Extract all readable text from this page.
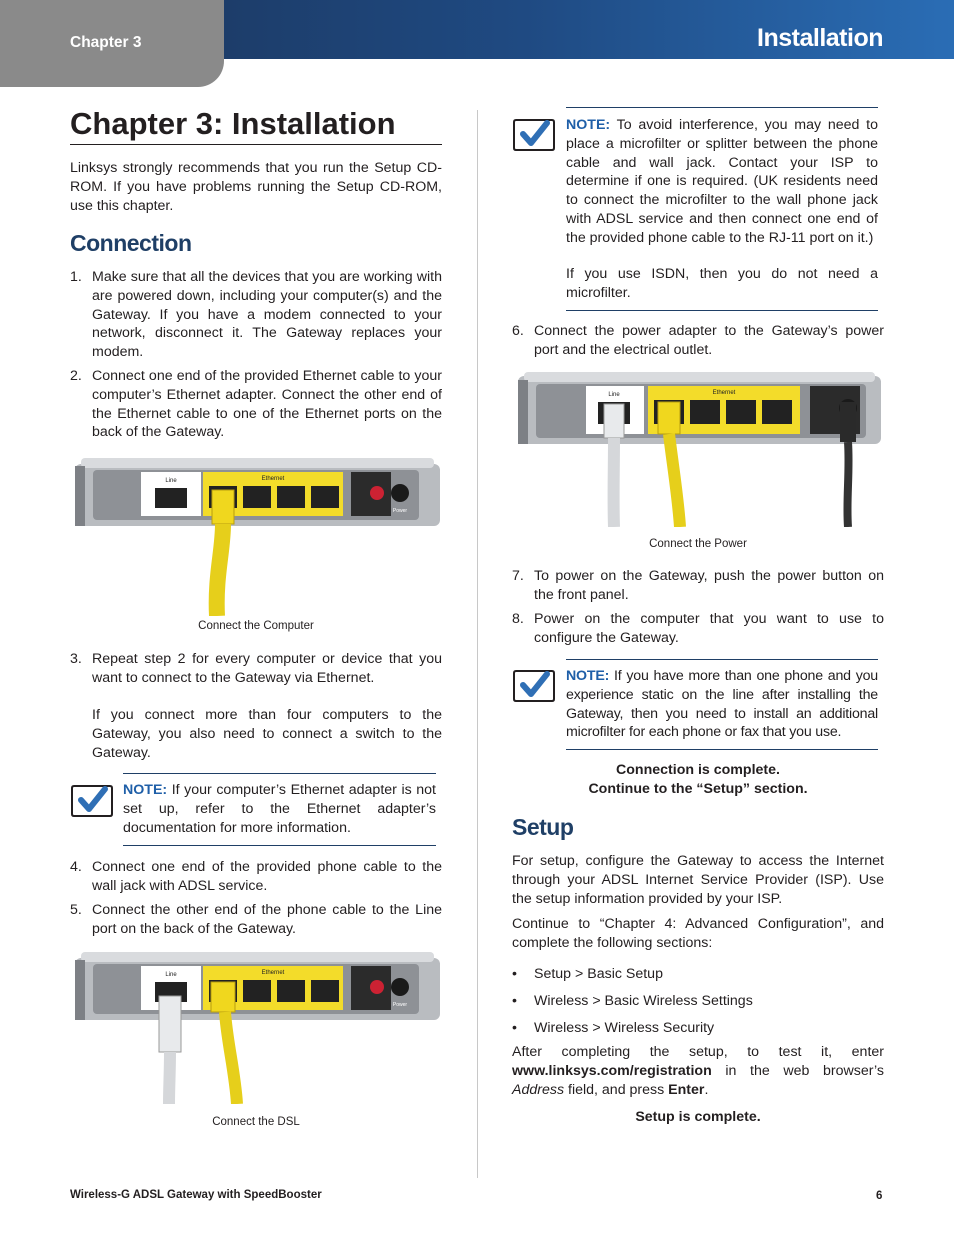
Chapter 3	Installation
Chapter 3: Installation

Linksys strongly recommends that you run the Setup CD-ROM. If you have problems running the Setup CD-ROM, use this chapter.

Connection
1. Make sure that all the devices that you are working with are powered down, including your computer(s) and the Gateway. If you have a modem connected to your network, disconnect it. The Gateway replaces your modem.
2. Connect one end of the provided Ethernet cable to your computer’s Ethernet adapter. Connect the other end of the Ethernet cable to one of the Ethernet ports on the back of the Gateway.
Line	Ethernet
Power
Connect the Computer
3. Repeat step 2 for every computer or device that you want to connect to the Gateway via Ethernet.
If you connect more than four computers to the Gateway, you also need to connect a switch to the Gateway.
NOTE: If your computer’s Ethernet adapter is not set up, refer to the Ethernet adapter’s documentation for more information.
4. Connect one end of the provided phone cable to the wall jack with ADSL service.
5. Connect the other end of the phone cable to the Line port on the back of the Gateway.
Line	Ethernet
Power
Connect the DSL
NOTE: To avoid interference, you may need to place a microfilter or splitter between the phone cable and wall jack. Contact your ISP to determine if one is required. (UK residents need to connect the microfilter to the wall phone jack with ADSL service and then connect one end of the provided phone cable to the RJ-11 port on it.)
If you use ISDN, then you do not need a microfilter.
6. Connect the power adapter to the Gateway’s power port and the electrical outlet.
Line	Ethernet
Connect the Power
7. To power on the Gateway, push the power button on the front panel.
8. Power on the computer that you want to use to configure the Gateway.
NOTE: If you have more than one phone and you experience static on the line after installing the Gateway, then you need to install an additional microfilter for each phone or fax that you use.
Connection is complete.
Continue to the “Setup” section.
Setup

For setup, configure the Gateway to access the Internet through your ADSL Internet Service Provider (ISP). Use the setup information provided by your ISP.

Continue to “Chapter 4: Advanced Configuration”, and complete the following sections:

• Setup > Basic Setup
• Wireless > Basic Wireless Settings
• Wireless > Wireless Security

After completing the setup, to test it, enter www.linksys.com/registration in the web browser’s Address field, and press Enter.

Setup is complete.
Wireless-G ADSL Gateway with SpeedBooster	6
